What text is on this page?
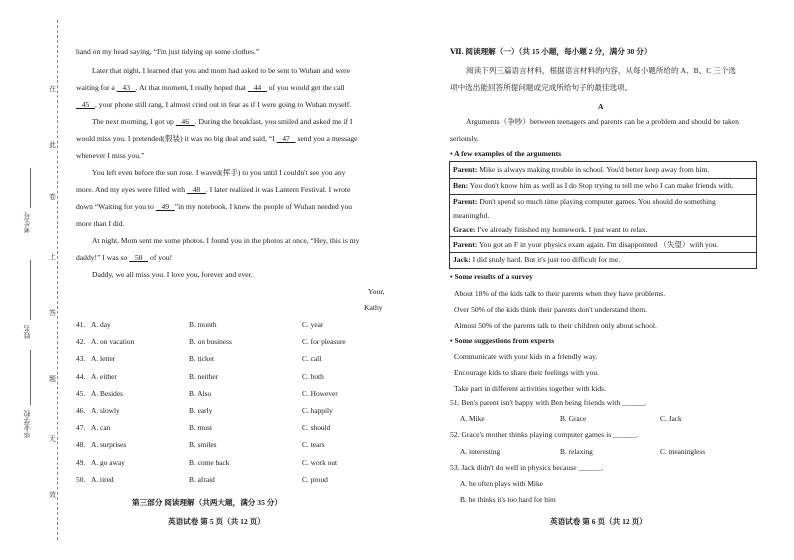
在
此
卷
上
答
题
无
效
考生号
姓名
毕业学校
hand on my head saying, “I'm just tidying up some clothes.”
Later that night, I learned that you and mom had asked to be sent to Wuhan and were
waiting for a    43   . At that moment, I really hoped that    44    of you would get the call
45   , your phone still rang. I almost cried out in fear as if I were going to Wuhan myself.
The next morning, I got up    46   . During the breakfast, you smiled and asked me if I
would miss you. I pretended(假装) it was no big deal and said, “I    47    send you a message
whenever I miss you.”
You left even before the sun rose. I waved(挥手) to you until I couldn't see you any
more. And my eyes were filled with    48   . I later realized it was Lantern Festival. I wrote
down “Waiting for you to    49   ”in my notebook. I knew the people of Wuhan needed you
more than I did.
At night, Mom sent me some photos. I found you in the photos at once, “Hey, this is my
daddy!” I was so    50    of you!
Daddy, we all miss you. I love you, forever and ever.
Your,
Kathy
41. A. day	B. month	C. year
42. A. on vacation	B. on business	C. for pleasure
43. A. letter	B. ticket	C. call
44. A. either	B. neither	C. both
45. A. Besides	B. Also	C. However
46. A. slowly	B. early	C. happily
47. A. can	B. must	C. should
48. A. surprises	B. smiles	C. tears
49. A. go away	B. come back	C. work out
50. A. tired	B. afraid	C. proud
第三部分 阅读理解（共两大题，满分 35 分）
英语试卷 第 5 页（共 12 页）
Ⅶ. 阅读理解（一）（共 15 小题，每小题 2 分，满分 30 分）
阅读下列三篇语言材料，根据语言材料的内容，从每小题所给的 A、B、C 三个选
项中选出能回答所提问题或完成所给句子的最佳选项。
A
Arguments（争吵）between teenagers and parents can be a problem and should be taken
seriously.
• A few examples of the arguments
Parent: Mike is always making trouble in school. You'd better keep away from him.
Ben: You don't know him as well as I do Stop trying to tell me who I can make friends with.
Parent: Don't spend so much time playing computer games. You should do something
meaningful.
Grace: I've already finished my homework. I just want to relax.
Parent: You got an F in your physics exam again. I'm disappointed （失望）with you.
Jack: I did study hard. But it's just too difficult for me.
• Some results of a survey
About 18% of the kids talk to their parents when they have problems.
Over 50% of the kids think their parents don't understand them.
Almost 50% of the parents talk to their children only about school.
• Some suggestions from experts
Communicate with your kids in a friendly way.
Encourage kids to share their feelings with you.
Take part in different activities together with kids.
51. Ben's parent isn't happy with Ben being friends with ______.
A. Mike	B. Grace	C. Jack
52. Grace's mother thinks playing computer games is ______.
A. interesting	B. relaxing	C. meaningless
53. Jack didn't do well in physics because ______.
A. he often plays with Mike
B. he thinks it's too hard for him
英语试卷 第 6 页（共 12 页）
